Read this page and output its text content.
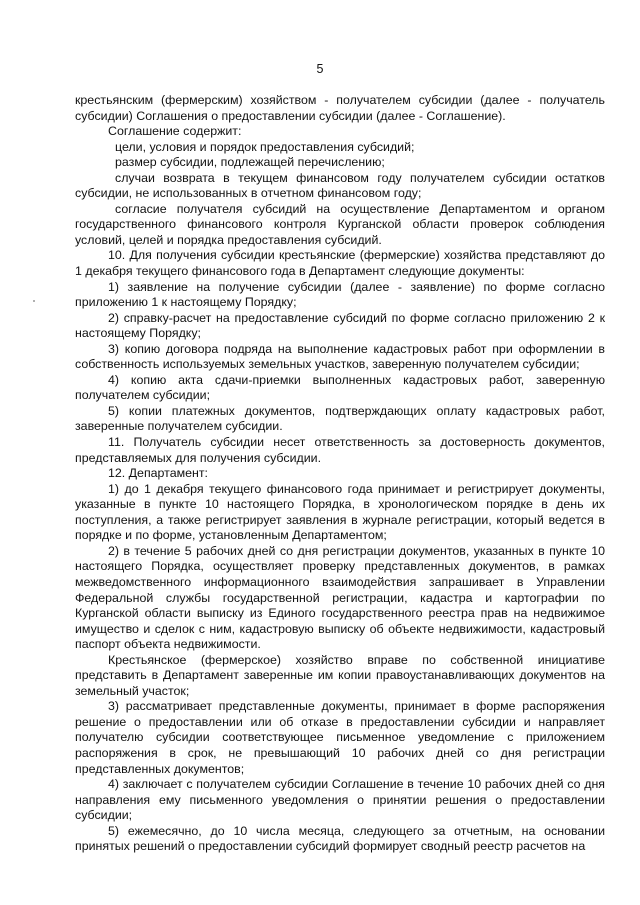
5

крестьянским (фермерским) хозяйством - получателем субсидии (далее - получатель субсидии) Соглашения о предоставлении субсидии (далее - Соглашение).

Соглашение содержит:

цели, условия и порядок предоставления субсидий;

размер субсидии, подлежащей перечислению;

случаи возврата в текущем финансовом году получателем субсидии остатков субсидии, не использованных в отчетном финансовом году;

согласие получателя субсидий на осуществление Департаментом и органом государственного финансового контроля Курганской области проверок соблюдения условий, целей и порядка предоставления субсидий.

10. Для получения субсидии крестьянские (фермерские) хозяйства представляют до 1 декабря текущего финансового года в Департамент следующие документы:

1) заявление на получение субсидии (далее - заявление) по форме согласно приложению 1 к настоящему Порядку;

2) справку-расчет на предоставление субсидий по форме согласно приложению 2 к настоящему Порядку;

3) копию договора подряда на выполнение кадастровых работ при оформлении в собственность используемых земельных участков, заверенную получателем субсидии;

4) копию акта сдачи-приемки выполненных кадастровых работ, заверенную получателем субсидии;

5) копии платежных документов, подтверждающих оплату кадастровых работ, заверенные получателем субсидии.

11. Получатель субсидии несет ответственность за достоверность документов, представляемых для получения субсидии.

12. Департамент:

1) до 1 декабря текущего финансового года принимает и регистрирует документы, указанные в пункте 10 настоящего Порядка, в хронологическом порядке в день их поступления, а также регистрирует заявления в журнале регистрации, который ведется в порядке и по форме, установленным Департаментом;

2) в течение 5 рабочих дней со дня регистрации документов, указанных в пункте 10 настоящего Порядка, осуществляет проверку представленных документов, в рамках межведомственного информационного взаимодействия запрашивает в Управлении Федеральной службы государственной регистрации, кадастра и картографии по Курганской области выписку из Единого государственного реестра прав на недвижимое имущество и сделок с ним, кадастровую выписку об объекте недвижимости, кадастровый паспорт объекта недвижимости.

Крестьянское (фермерское) хозяйство вправе по собственной инициативе представить в Департамент заверенные им копии правоустанавливающих документов на земельный участок;

3) рассматривает представленные документы, принимает в форме распоряжения решение о предоставлении или об отказе в предоставлении субсидии и направляет получателю субсидии соответствующее письменное уведомление с приложением распоряжения в срок, не превышающий 10 рабочих дней со дня регистрации представленных документов;

4) заключает с получателем субсидии Соглашение в течение 10 рабочих дней со дня направления ему письменного уведомления о принятии решения о предоставлении субсидии;

5) ежемесячно, до 10 числа месяца, следующего за отчетным, на основании принятых решений о предоставлении субсидий формирует сводный реестр расчетов на
